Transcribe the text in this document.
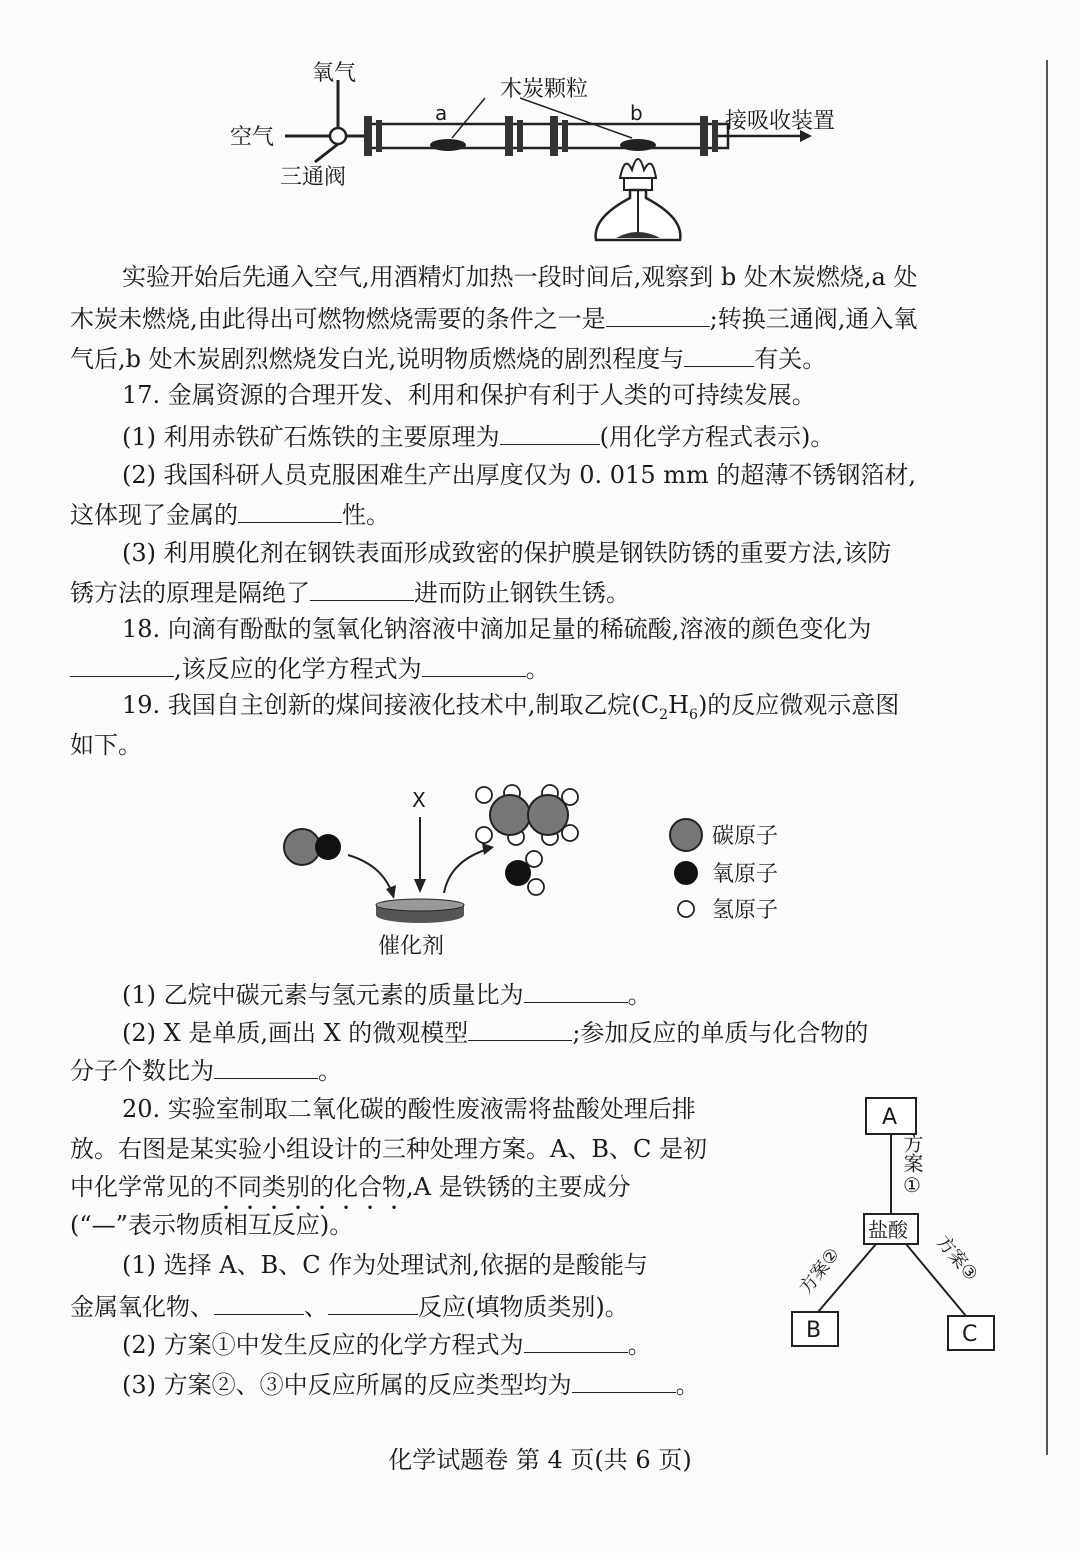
氧气
空气
三通阀
木炭颗粒
a	b	接吸收装置
实验开始后先通入空气,用酒精灯加热一段时间后,观察到 b 处木炭燃烧,a 处
木炭未燃烧,由此得出可燃物燃烧需要的条件之一是	;转换三通阀,通入氧
气后,b 处木炭剧烈燃烧发白光,说明物质燃烧的剧烈程度与	有关。
17. 金属资源的合理开发、利用和保护有利于人类的可持续发展。
(1) 利用赤铁矿石炼铁的主要原理为	(用化学方程式表示)。
(2) 我国科研人员克服困难生产出厚度仅为 0. 015 mm 的超薄不锈钢箔材,
这体现了金属的	性。
(3) 利用膜化剂在钢铁表面形成致密的保护膜是钢铁防锈的重要方法,该防
锈方法的原理是隔绝了	进而防止钢铁生锈。
18. 向滴有酚酞的氢氧化钠溶液中滴加足量的稀硫酸,溶液的颜色变化为
,该反应的化学方程式为	。
19. 我国自主创新的煤间接液化技术中,制取乙烷$(C_2H_6)$的反应微观示意图
如下。
X
催化剂
碳原子
氧原子
氢原子
(1) 乙烷中碳元素与氢元素的质量比为	。
(2) X 是单质,画出 X 的微观模型	;参加反应的单质与化合物的
分子个数比为	。
20. 实验室制取二氧化碳的酸性废液需将盐酸处理后排
放。右图是某实验小组设计的三种处理方案。A、B、C 是初
中化学常见的不同类别的化合物,A 是铁锈的主要成分
(“—”表示物质相互反应)。
(1) 选择 A、B、C 作为处理试剂,依据的是酸能与
金属氧化物、	、	反应(填物质类别)。
(2) 方案①中发生反应的化学方程式为	。
(3) 方案②、③中反应所属的反应类型均为	。
A
方案①
盐酸
B	C
方案②	方案③
化学试题卷 第 4 页(共 6 页)
